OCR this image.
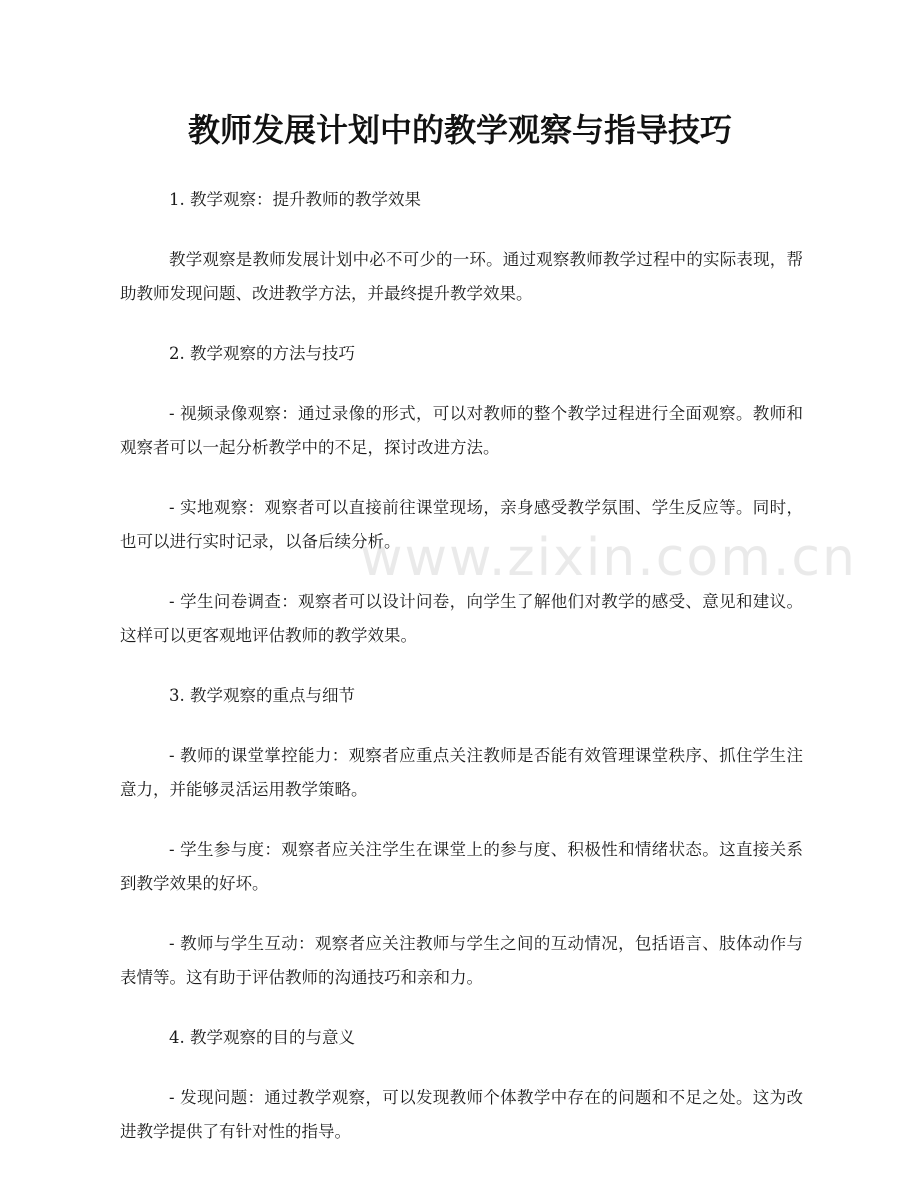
教师发展计划中的教学观察与指导技巧

1. 教学观察：提升教师的教学效果

教学观察是教师发展计划中必不可少的一环。通过观察教师教学过程中的实际表现，帮助教师发现问题、改进教学方法，并最终提升教学效果。

2. 教学观察的方法与技巧

- 视频录像观察：通过录像的形式，可以对教师的整个教学过程进行全面观察。教师和观察者可以一起分析教学中的不足，探讨改进方法。

- 实地观察：观察者可以直接前往课堂现场，亲身感受教学氛围、学生反应等。同时，也可以进行实时记录，以备后续分析。

- 学生问卷调查：观察者可以设计问卷，向学生了解他们对教学的感受、意见和建议。这样可以更客观地评估教师的教学效果。

3. 教学观察的重点与细节

- 教师的课堂掌控能力：观察者应重点关注教师是否能有效管理课堂秩序、抓住学生注意力，并能够灵活运用教学策略。

- 学生参与度：观察者应关注学生在课堂上的参与度、积极性和情绪状态。这直接关系到教学效果的好坏。

- 教师与学生互动：观察者应关注教师与学生之间的互动情况，包括语言、肢体动作与表情等。这有助于评估教师的沟通技巧和亲和力。

4. 教学观察的目的与意义

- 发现问题：通过教学观察，可以发现教师个体教学中存在的问题和不足之处。这为改进教学提供了有针对性的指导。

www.zixin.com.cn
